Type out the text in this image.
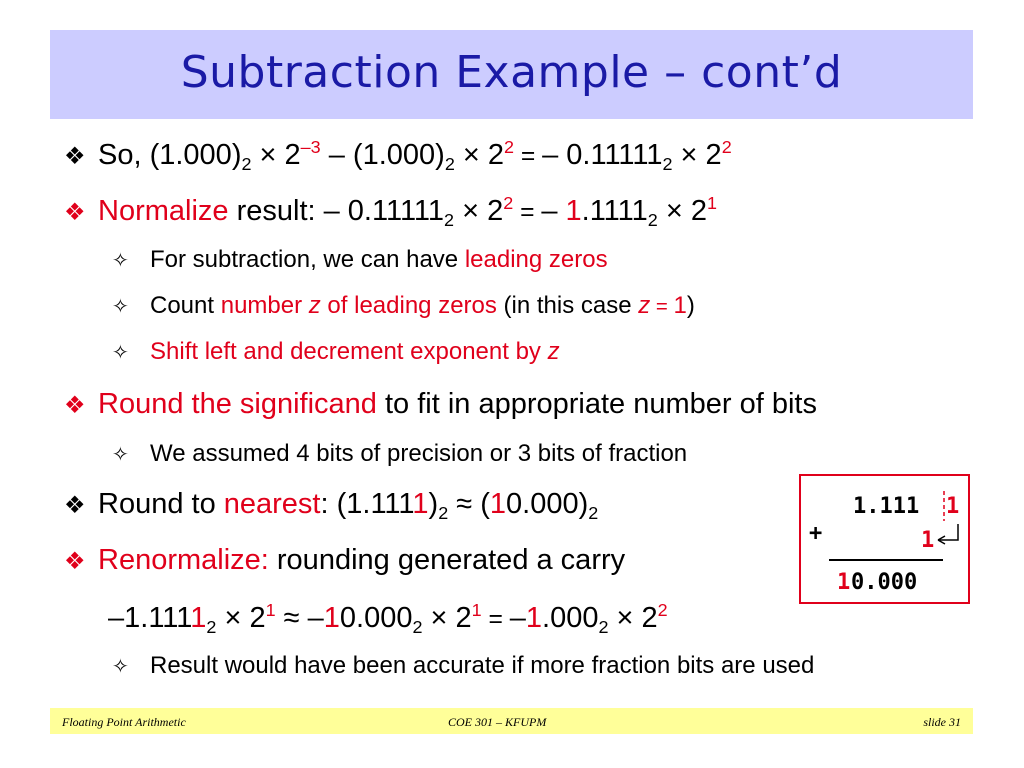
Subtraction Example – cont’d
❖ So, $(1.000)_2 \times 2^{-3} - (1.000)_2 \times 2^2$ = – $0.11111_2 \times 2^2$
❖ Normalize result: – $0.11111_2 \times 2^2$ = – $1.1111_2 \times 2^1$
✧ For subtraction, we can have leading zeros
✧ Count number z of leading zeros (in this case z = 1)
✧ Shift left and decrement exponent by z
❖ Round the significand to fit in appropriate number of bits
✧ We assumed 4 bits of precision or 3 bits of fraction
❖ Round to nearest: $(1.1111)_2 \approx (10.000)_2$
❖ Renormalize: rounding generated a carry
$-1.1111_2 \times 2^1 \approx -10.000_2 \times 2^1 = -1.000_2 \times 2^2$
✧ Result would have been accurate if more fraction bits are used
1.111 1
+	1
1 0.000
Floating Point Arithmetic	COE 301 – KFUPM	slide 31
